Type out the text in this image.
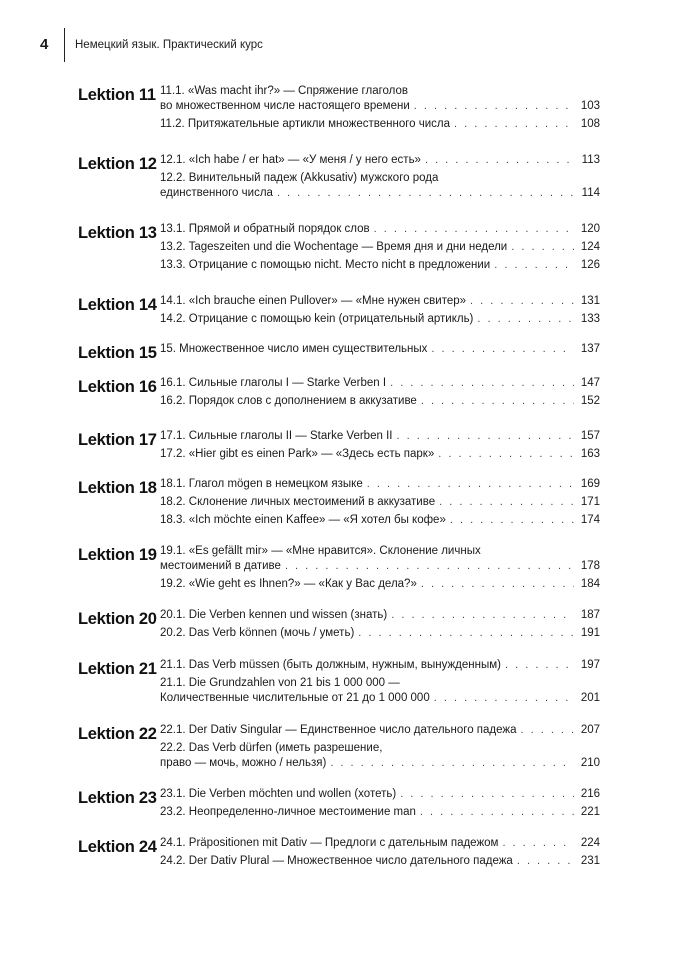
4	Немецкий язык. Практический курс
Lektion 11 11.1. «Was macht ihr?» — Спряжение глаголов
во множественном числе настоящего времени . . .	103
11.2. Притяжательные артикли множественного числа . . .	108
Lektion 12 12.1. «Ich habe / er hat» — «У меня / у него есть» . . .	113
12.2. Винительный падеж (Akkusativ) мужского рода
единственного числа . . .	114
Lektion 13 13.1. Прямой и обратный порядок слов . . .	120
13.2. Tageszeiten und die Wochentage — Время дня и дни недели . . .	124
13.3. Отрицание с помощью nicht. Место nicht в предложении . . .	126
Lektion 14 14.1. «Ich brauche einen Pullover» — «Мне нужен свитер» . . .	131
14.2. Отрицание с помощью kein (отрицательный артикль) . . .	133
Lektion 15 15. Множественное число имен существительных . . .	137
Lektion 16 16.1. Сильные глаголы I — Starke Verben I . . .	147
16.2. Порядок слов с дополнением в аккузативе . . .	152
Lektion 17 17.1. Сильные глаголы II — Starke Verben II . . .	157
17.2. «Hier gibt es einen Park» — «Здесь есть парк» . . .	163
Lektion 18 18.1. Глагол mögen в немецком языке . . .	169
18.2. Склонение личных местоимений в аккузативе . . .	171
18.3. «Ich möchte einen Kaffee» — «Я хотел бы кофе» . . .	174
Lektion 19 19.1. «Es gefällt mir» — «Мне нравится». Склонение личных
местоимений в дативе . . .	178
19.2. «Wie geht es Ihnen?» — «Как у Вас дела?» . . .	184
Lektion 20 20.1. Die Verben kennen und wissen (знать) . . .	187
20.2. Das Verb können (мочь / уметь) . . .	191
Lektion 21 21.1. Das Verb müssen (быть должным, нужным, вынужденным) . . .	197
21.1. Die Grundzahlen von 21 bis 1 000 000 —
Количественные числительные от 21 до 1 000 000 . . .	201
Lektion 22 22.1. Der Dativ Singular — Единственное число дательного падежа . . .	207
22.2. Das Verb dürfen (иметь разрешение,
право — мочь, можно / нельзя) . . .	210
Lektion 23 23.1. Die Verben möchten und wollen (хотеть) . . .	216
23.2. Неопределенно-личное местоимение man . . .	221
Lektion 24 24.1. Präpositionen mit Dativ — Предлоги с дательным падежом . . .	224
24.2. Der Dativ Plural — Множественное число дательного падежа . . .	231
